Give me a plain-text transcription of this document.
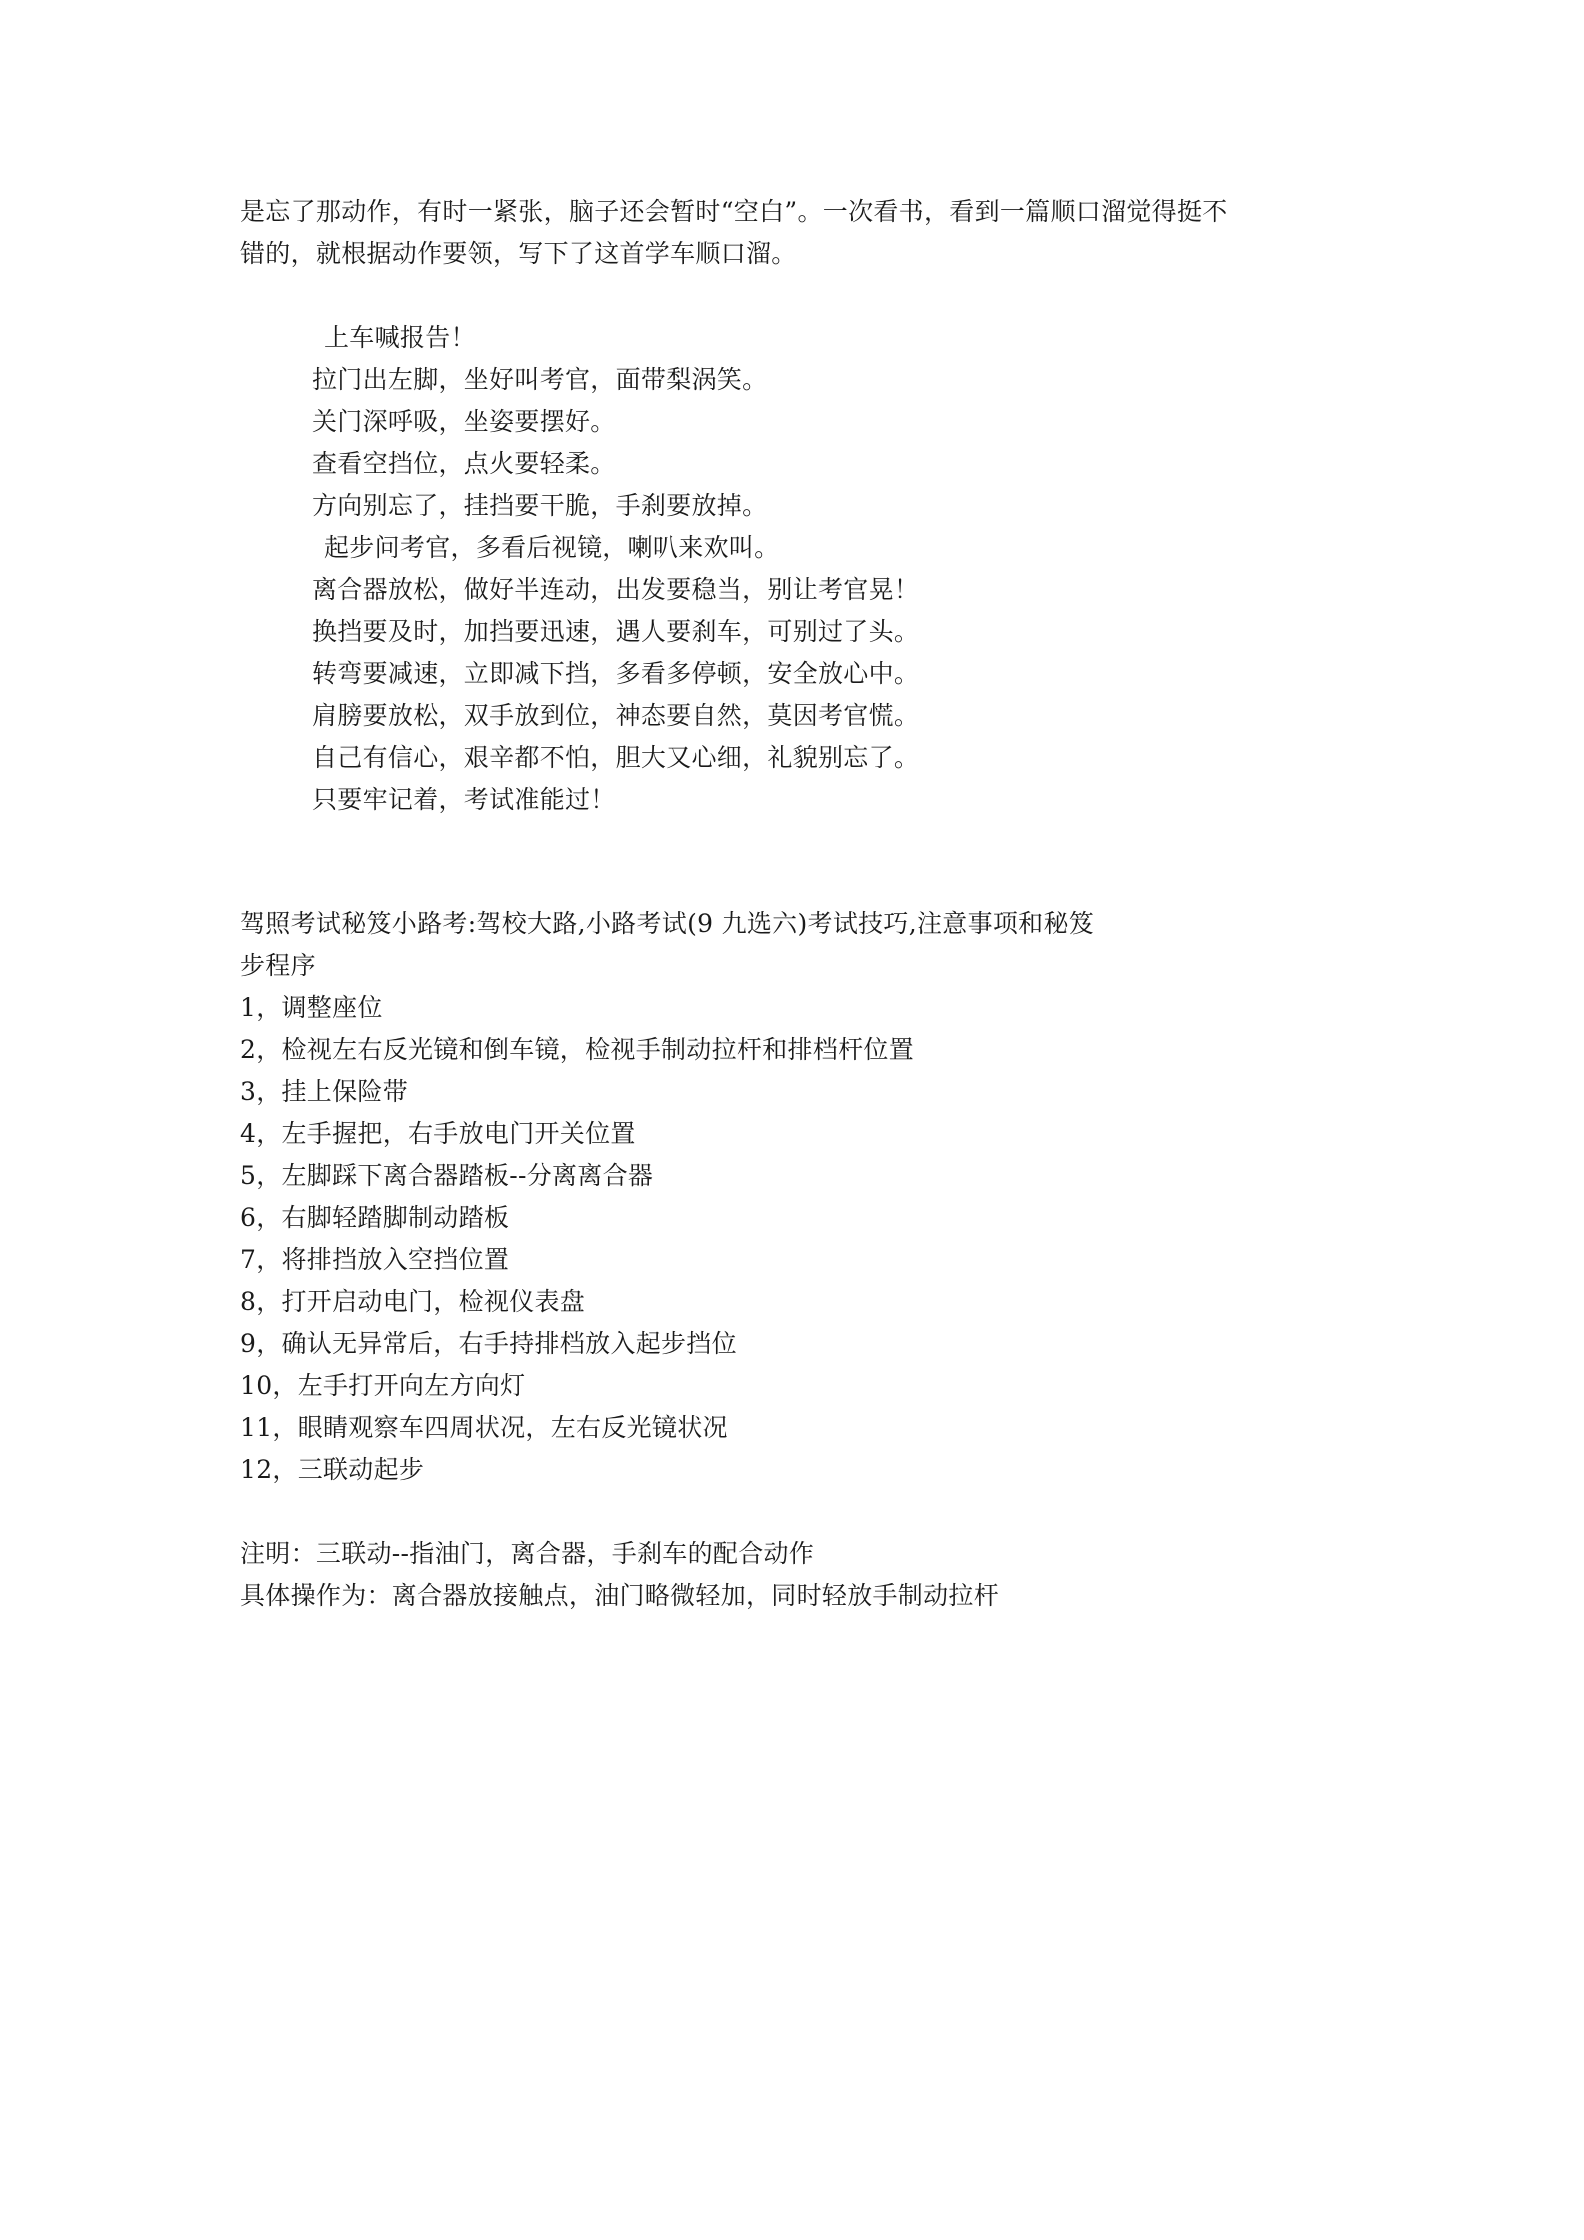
是忘了那动作，有时一紧张，脑子还会暂时“空白”。一次看书，看到一篇顺口溜觉得挺不
错的，就根据动作要领，写下了这首学车顺口溜。
上车喊报告！
拉门出左脚，坐好叫考官，面带梨涡笑。
关门深呼吸，坐姿要摆好。
查看空挡位，点火要轻柔。
方向别忘了，挂挡要干脆，手刹要放掉。
起步问考官，多看后视镜，喇叭来欢叫。
离合器放松，做好半连动，出发要稳当，别让考官晃！
换挡要及时，加挡要迅速，遇人要刹车，可别过了头。
转弯要减速，立即减下挡，多看多停顿，安全放心中。
肩膀要放松，双手放到位，神态要自然，莫因考官慌。
自己有信心，艰辛都不怕，胆大又心细，礼貌别忘了。
只要牢记着，考试准能过！
驾照考试秘笈小路考:驾校大路,小路考试(9 九选六)考试技巧,注意事项和秘笈
步程序
1，调整座位
2，检视左右反光镜和倒车镜，检视手制动拉杆和排档杆位置
3，挂上保险带
4，左手握把，右手放电门开关位置
5，左脚踩下离合器踏板--分离离合器
6，右脚轻踏脚制动踏板
7，将排挡放入空挡位置
8，打开启动电门，检视仪表盘
9，确认无异常后，右手持排档放入起步挡位
10，左手打开向左方向灯
11，眼睛观察车四周状况，左右反光镜状况
12，三联动起步
注明：三联动--指油门，离合器，手刹车的配合动作
具体操作为：离合器放接触点，油门略微轻加，同时轻放手制动拉杆
